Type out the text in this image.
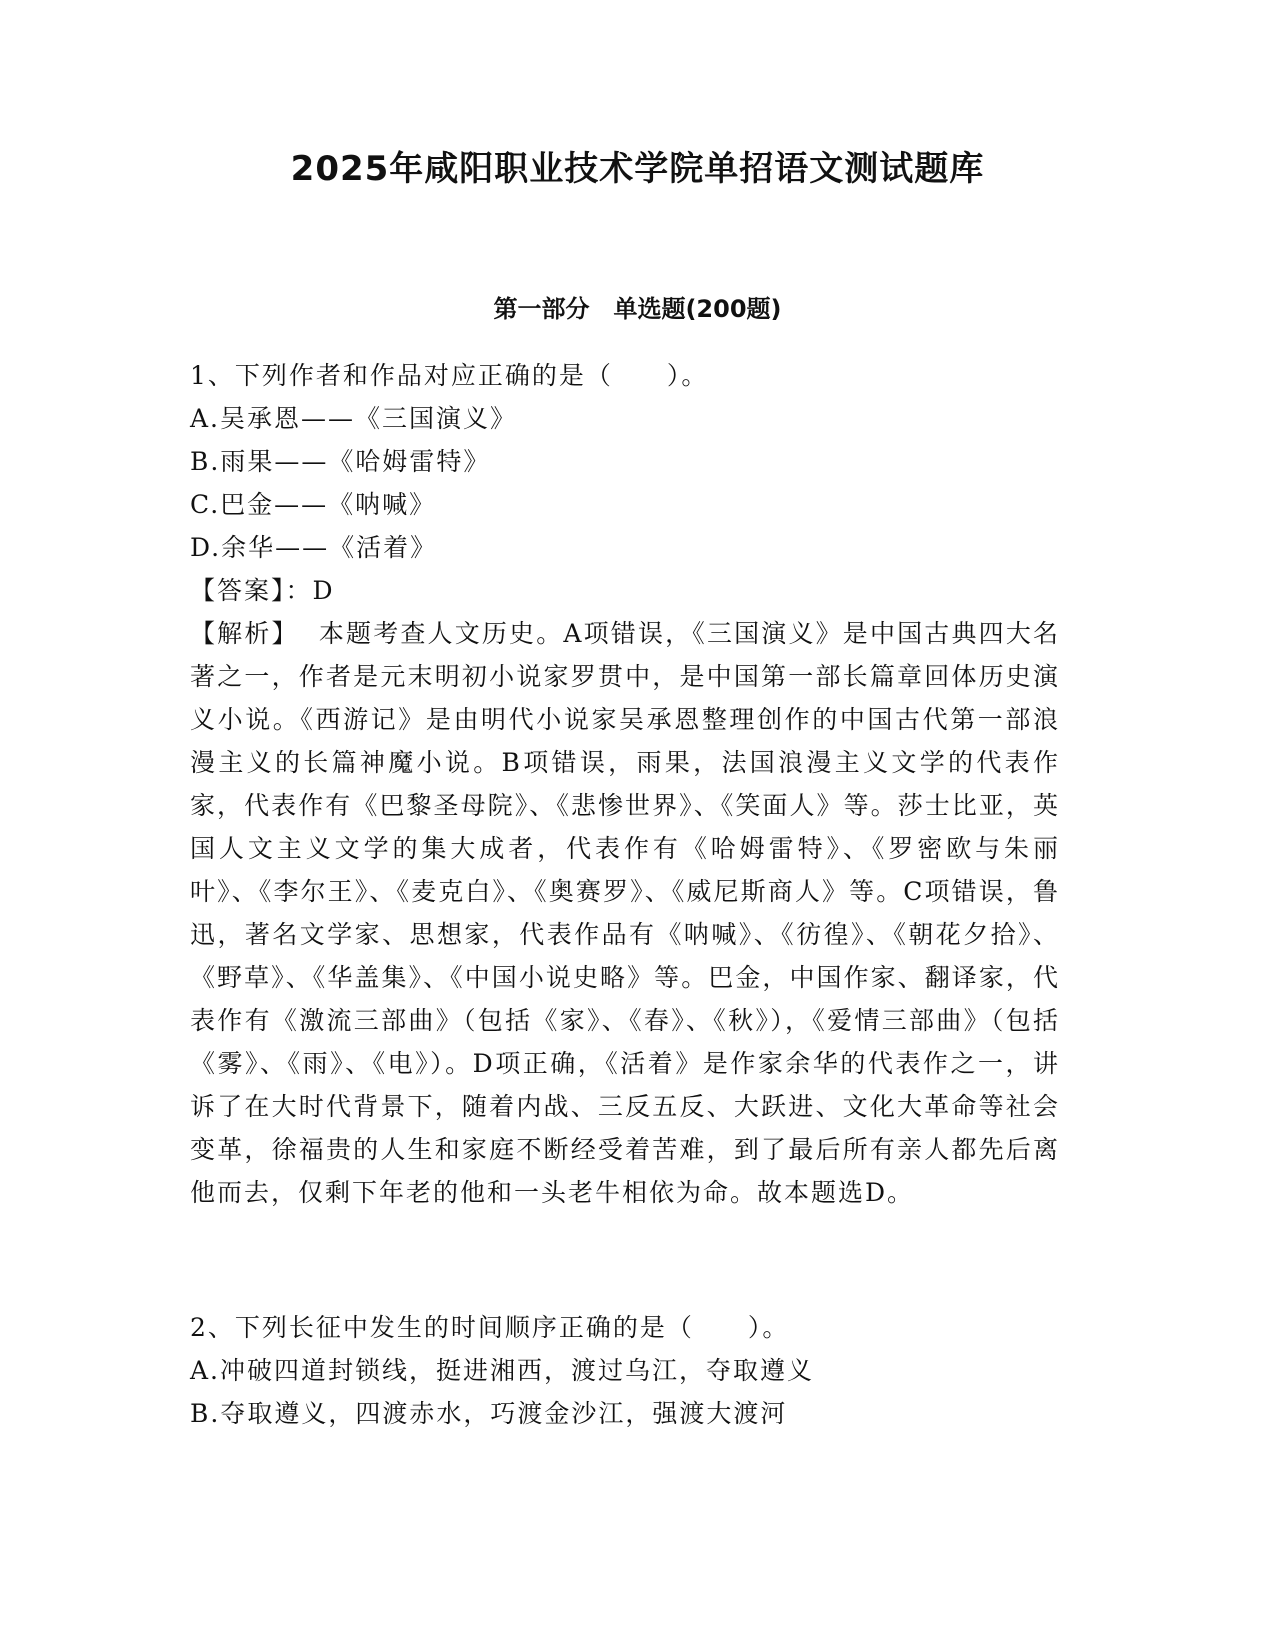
2025年咸阳职业技术学院单招语文测试题库
第一部分　单选题(200题)
1、下列作者和作品对应正确的是（　　）。
A.吴承恩——《三国演义》
B.雨果——《哈姆雷特》
C.巴金——《呐喊》
D.余华——《活着》
【答案】：D
【解析】 本题考查人文历史。A项错误，《三国演义》是中国古典四大名著之一，作者是元末明初小说家罗贯中，是中国第一部长篇章回体历史演义小说。《西游记》是由明代小说家吴承恩整理创作的中国古代第一部浪漫主义的长篇神魔小说。B项错误，雨果，法国浪漫主义文学的代表作家，代表作有《巴黎圣母院》、《悲惨世界》、《笑面人》等。莎士比亚，英国人文主义文学的集大成者，代表作有《哈姆雷特》、《罗密欧与朱丽叶》、《李尔王》、《麦克白》、《奥赛罗》、《威尼斯商人》等。C项错误，鲁迅，著名文学家、思想家，代表作品有《呐喊》、《彷徨》、《朝花夕拾》、《野草》、《华盖集》、《中国小说史略》等。巴金，中国作家、翻译家，代表作有《激流三部曲》（包括《家》、《春》、《秋》），《爱情三部曲》（包括《雾》、《雨》、《电》）。D项正确，《活着》是作家余华的代表作之一，讲诉了在大时代背景下，随着内战、三反五反、大跃进、文化大革命等社会变革，徐福贵的人生和家庭不断经受着苦难，到了最后所有亲人都先后离他而去，仅剩下年老的他和一头老牛相依为命。故本题选D。
2、下列长征中发生的时间顺序正确的是（　　）。
A.冲破四道封锁线，挺进湘西，渡过乌江，夺取遵义
B.夺取遵义，四渡赤水，巧渡金沙江，强渡大渡河
